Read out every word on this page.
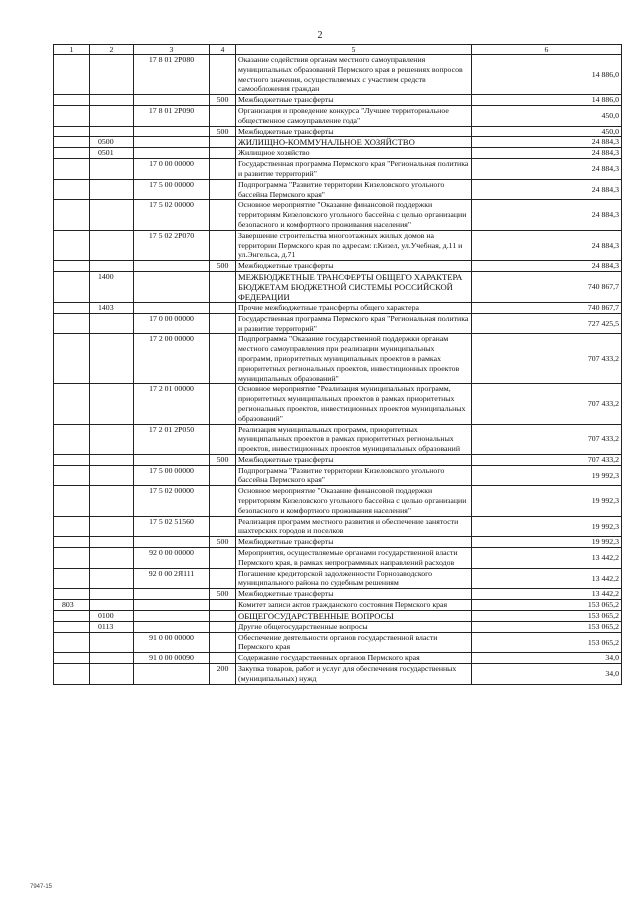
2
1	2	3	4	5	6
		17 8 01 2P080		Оказание содействия органам местного самоуправления муниципальных образований Пермского края в решениях вопросов местного значения, осуществляемых с участием средств самообложения граждан	14 886,0
			500	Межбюджетные трансферты	14 886,0
		17 8 01 2P090		Организация и проведение конкурса "Лучшее территориальное общественное самоуправление года"	450,0
			500	Межбюджетные трансферты	450,0
	0500			ЖИЛИЩНО-КОММУНАЛЬНОЕ ХОЗЯЙСТВО	24 884,3
	0501			Жилищное хозяйство	24 884,3
		17 0 00 00000		Государственная программа Пермского края "Региональная политика и развитие территорий"	24 884,3
		17 5 00 00000		Подпрограмма "Развитие территории Кизеловского угольного бассейна Пермского края"	24 884,3
		17 5 02 00000		Основное мероприятие "Оказание финансовой поддержки территориям Кизеловского угольного бассейна с целью организации безопасного и комфортного проживания населения"	24 884,3
		17 5 02 2P070		Завершение строительства многоэтажных жилых домов на территории Пермского края по адресам: г.Кизел, ул.Учебная, д.11 и ул.Энгельса, д.71	24 884,3
			500	Межбюджетные трансферты	24 884,3
	1400			МЕЖБЮДЖЕТНЫЕ ТРАНСФЕРТЫ ОБЩЕГО ХАРАКТЕРА БЮДЖЕТАМ БЮДЖЕТНОЙ СИСТЕМЫ РОССИЙСКОЙ ФЕДЕРАЦИИ	740 867,7
	1403			Прочие межбюджетные трансферты общего характера	740 867,7
		17 0 00 00000		Государственная программа Пермского края "Региональная политика и развитие территорий"	727 425,5
		17 2 00 00000		Подпрограмма "Оказание государственной поддержки органам местного самоуправления при реализации муниципальных программ, приоритетных муниципальных проектов в рамках приоритетных региональных проектов, инвестиционных проектов муниципальных образований"	707 433,2
		17 2 01 00000		Основное мероприятие "Реализация муниципальных программ, приоритетных муниципальных проектов в рамках приоритетных региональных проектов, инвестиционных проектов муниципальных образований"	707 433,2
		17 2 01 2P050		Реализация муниципальных программ, приоритетных муниципальных проектов в рамках приоритетных региональных проектов, инвестиционных проектов муниципальных образований	707 433,2
			500	Межбюджетные трансферты	707 433,2
		17 5 00 00000		Подпрограмма "Развитие территории Кизеловского угольного бассейна Пермского края"	19 992,3
		17 5 02 00000		Основное мероприятие "Оказание финансовой поддержки территориям Кизеловского угольного бассейна с целью организации безопасного и комфортного проживания населения"	19 992,3
		17 5 02 51560		Реализация программ местного развития и обеспечение занятости шахтерских городов и поселков	19 992,3
			500	Межбюджетные трансферты	19 992,3
		92 0 00 00000		Мероприятия, осуществляемые органами государственной власти Пермского края, в рамках непрограммных направлений расходов	13 442,2
		92 0 00 2Я111		Погашение кредиторской задолженности Горнозаводского муниципального района по судебным решениям	13 442,2
			500	Межбюджетные трансферты	13 442,2
803				Комитет записи актов гражданского состояния Пермского края	153 065,2
	0100			ОБЩЕГОСУДАРСТВЕННЫЕ ВОПРОСЫ	153 065,2
	0113			Другие общегосударственные вопросы	153 065,2
		91 0 00 00000		Обеспечение деятельности органов государственной власти Пермского края	153 065,2
		91 0 00 00090		Содержание государственных органов Пермского края	34,0
			200	Закупка товаров, работ и услуг для обеспечения государственных (муниципальных) нужд	34,0
7947-15
